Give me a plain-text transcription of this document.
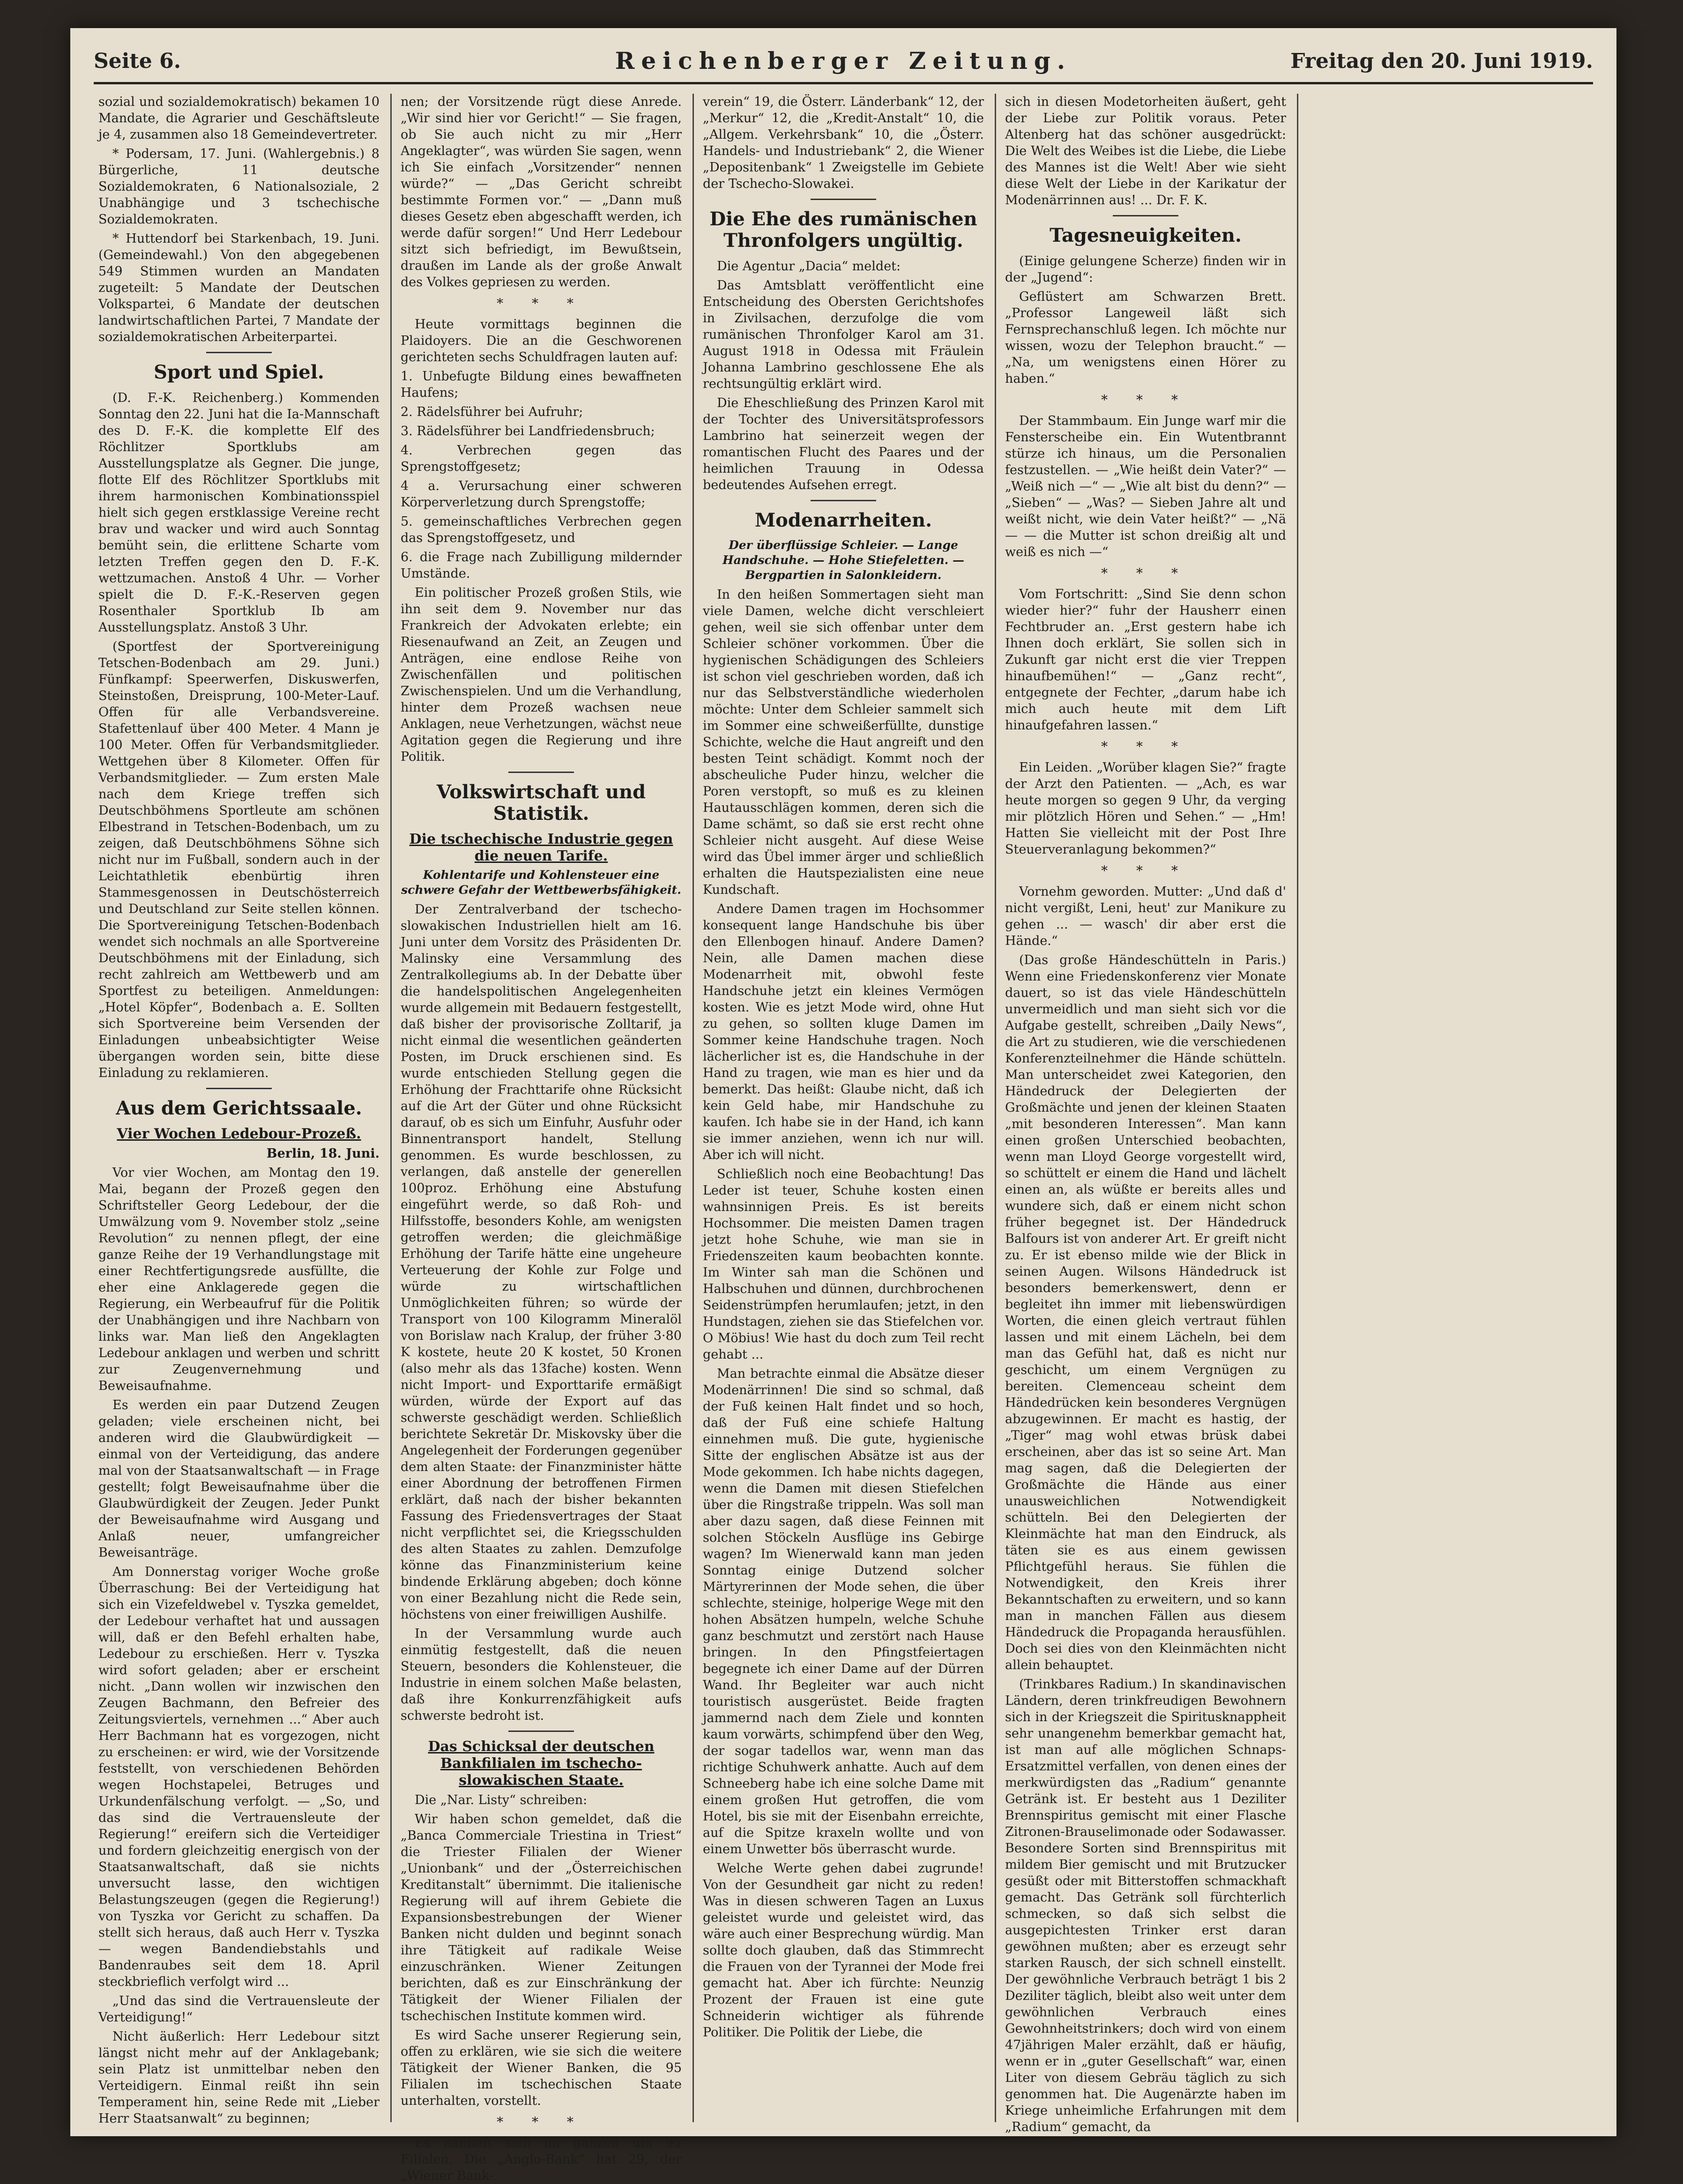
Seite 6.	Reichenberger Zeitung.	Freitag den 20. Juni 1919.

sozial und sozialdemokratisch) bekamen 10 Mandate, die Agrarier und Geschäftsleute je 4, zusammen also 18 Gemeindevertreter.

* Podersam, 17. Juni. (Wahlergebnis.) 8 Bürgerliche, 11 deutsche Sozialdemokraten, 6 Nationalsoziale, 2 Unabhängige und 3 tschechische Sozialdemokraten.

* Huttendorf bei Starkenbach, 19. Juni. (Gemeindewahl.) Von den abgegebenen 549 Stimmen wurden an Mandaten zugeteilt: 5 Mandate der Deutschen Volkspartei, 6 Mandate der deutschen landwirtschaftlichen Partei, 7 Mandate der sozialdemokratischen Arbeiterpartei.

Sport und Spiel.

(D. F.-K. Reichenberg.) Kommenden Sonntag den 22. Juni hat die Ia-Mannschaft des D. F.-K. die komplette Elf des Röchlitzer Sportklubs am Ausstellungsplatze als Gegner. Die junge, flotte Elf des Röchlitzer Sportklubs mit ihrem harmonischen Kombinationsspiel hielt sich gegen erstklassige Vereine recht brav und wacker und wird auch Sonntag bemüht sein, die erlittene Scharte vom letzten Treffen gegen den D. F.-K. wettzumachen. Anstoß 4 Uhr. — Vorher spielt die D. F.-K.-Reserven gegen Rosenthaler Sportklub Ib am Ausstellungsplatz. Anstoß 3 Uhr.

(Sportfest der Sportvereinigung Tetschen-Bodenbach am 29. Juni.) Fünfkampf: Speerwerfen, Diskuswerfen, Steinstoßen, Dreisprung, 100-Meter-Lauf. Offen für alle Verbandsvereine. Stafettenlauf über 400 Meter. 4 Mann je 100 Meter. Offen für Verbandsmitglieder. Wettgehen über 8 Kilometer. Offen für Verbandsmitglieder. — Zum ersten Male nach dem Kriege treffen sich Deutschböhmens Sportleute am schönen Elbestrand in Tetschen-Bodenbach, um zu zeigen, daß Deutschböhmens Söhne sich nicht nur im Fußball, sondern auch in der Leichtathletik ebenbürtig ihren Stammesgenossen in Deutschösterreich und Deutschland zur Seite stellen können. Die Sportvereinigung Tetschen-Bodenbach wendet sich nochmals an alle Sportvereine Deutschböhmens mit der Einladung, sich recht zahlreich am Wettbewerb und am Sportfest zu beteiligen. Anmeldungen: „Hotel Köpfer“, Bodenbach a. E. Sollten sich Sportvereine beim Versenden der Einladungen unbeabsichtigter Weise übergangen worden sein, bitte diese Einladung zu reklamieren.

Aus dem Gerichtssaale.
Vier Wochen Ledebour-Prozeß.

Berlin, 18. Juni.

Vor vier Wochen, am Montag den 19. Mai, begann der Prozeß gegen den Schriftsteller Georg Ledebour, der die Umwälzung vom 9. November stolz „seine Revolution“ zu nennen pflegt, der eine ganze Reihe der 19 Verhandlungstage mit einer Rechtfertigungsrede ausfüllte, die eher eine Anklagerede gegen die Regierung, ein Werbeaufruf für die Politik der Unabhängigen und ihre Nachbarn von links war. Man ließ den Angeklagten Ledebour anklagen und werben und schritt zur Zeugenvernehmung und Beweisaufnahme.

Es werden ein paar Dutzend Zeugen geladen; viele erscheinen nicht, bei anderen wird die Glaubwürdigkeit — einmal von der Verteidigung, das andere mal von der Staatsanwaltschaft — in Frage gestellt; folgt Beweisaufnahme über die Glaubwürdigkeit der Zeugen. Jeder Punkt der Beweisaufnahme wird Ausgang und Anlaß neuer, umfangreicher Beweisanträge.

Am Donnerstag voriger Woche große Überraschung: Bei der Verteidigung hat sich ein Vizefeldwebel v. Tyszka gemeldet, der Ledebour verhaftet hat und aussagen will, daß er den Befehl erhalten habe, Ledebour zu erschießen. Herr v. Tyszka wird sofort geladen; aber er erscheint nicht. „Dann wollen wir inzwischen den Zeugen Bachmann, den Befreier des Zeitungsviertels, vernehmen ...“ Aber auch Herr Bachmann hat es vorgezogen, nicht zu erscheinen: er wird, wie der Vorsitzende feststellt, von verschiedenen Behörden wegen Hochstapelei, Betruges und Urkundenfälschung verfolgt. — „So, und das sind die Vertrauensleute der Regierung!“ ereifern sich die Verteidiger und fordern gleichzeitig energisch von der Staatsanwaltschaft, daß sie nichts unversucht lasse, den wichtigen Belastungszeugen (gegen die Regierung!) von Tyszka vor Gericht zu schaffen. Da stellt sich heraus, daß auch Herr v. Tyszka — wegen Bandendiebstahls und Bandenraubes seit dem 18. April steckbrieflich verfolgt wird ...

„Und das sind die Vertrauensleute der Verteidigung!“

Nicht äußerlich: Herr Ledebour sitzt längst nicht mehr auf der Anklagebank; sein Platz ist unmittelbar neben den Verteidigern. Einmal reißt ihn sein Temperament hin, seine Rede mit „Lieber Herr Staatsanwalt“ zu beginnen;

nen; der Vorsitzende rügt diese Anrede. „Wir sind hier vor Gericht!“ — Sie fragen, ob Sie auch nicht zu mir „Herr Angeklagter“, was würden Sie sagen, wenn ich Sie einfach „Vorsitzender“ nennen würde?“ — „Das Gericht schreibt bestimmte Formen vor.“ — „Dann muß dieses Gesetz eben abgeschafft werden, ich werde dafür sorgen!“ Und Herr Ledebour sitzt sich befriedigt, im Bewußtsein, draußen im Lande als der große Anwalt des Volkes gepriesen zu werden.

* * *

Heute vormittags beginnen die Plaidoyers. Die an die Geschworenen gerichteten sechs Schuldfragen lauten auf:

1. Unbefugte Bildung eines bewaffneten Haufens;

2. Rädelsführer bei Aufruhr;

3. Rädelsführer bei Landfriedensbruch;

4. Verbrechen gegen das Sprengstoffgesetz;

4 a. Verursachung einer schweren Körperverletzung durch Sprengstoffe;

5. gemeinschaftliches Verbrechen gegen das Sprengstoffgesetz, und

6. die Frage nach Zubilligung mildernder Umstände.

Ein politischer Prozeß großen Stils, wie ihn seit dem 9. November nur das Frankreich der Advokaten erlebte; ein Riesenaufwand an Zeit, an Zeugen und Anträgen, eine endlose Reihe von Zwischenfällen und politischen Zwischenspielen. Und um die Verhandlung, hinter dem Prozeß wachsen neue Anklagen, neue Verhetzungen, wächst neue Agitation gegen die Regierung und ihre Politik.

Volkswirtschaft und Statistik.
Die tschechische Industrie gegen die neuen Tarife.
Kohlentarife und Kohlensteuer eine schwere Gefahr der Wettbewerbsfähigkeit.

Der Zentralverband der tschecho-slowakischen Industriellen hielt am 16. Juni unter dem Vorsitz des Präsidenten Dr. Malinsky eine Versammlung des Zentralkollegiums ab. In der Debatte über die handelspolitischen Angelegenheiten wurde allgemein mit Bedauern festgestellt, daß bisher der provisorische Zolltarif, ja nicht einmal die wesentlichen geänderten Posten, im Druck erschienen sind. Es wurde entschieden Stellung gegen die Erhöhung der Frachttarife ohne Rücksicht auf die Art der Güter und ohne Rücksicht darauf, ob es sich um Einfuhr, Ausfuhr oder Binnentransport handelt, Stellung genommen. Es wurde beschlossen, zu verlangen, daß anstelle der generellen 100proz. Erhöhung eine Abstufung eingeführt werde, so daß Roh- und Hilfsstoffe, besonders Kohle, am wenigsten getroffen werden; die gleichmäßige Erhöhung der Tarife hätte eine ungeheure Verteuerung der Kohle zur Folge und würde zu wirtschaftlichen Unmöglichkeiten führen; so würde der Transport von 100 Kilogramm Mineralöl von Borislaw nach Kralup, der früher 3·80 K kostete, heute 20 K kostet, 50 Kronen (also mehr als das 13fache) kosten. Wenn nicht Import- und Exporttarife ermäßigt würden, würde der Export auf das schwerste geschädigt werden. Schließlich berichtete Sekretär Dr. Miskovsky über die Angelegenheit der Forderungen gegenüber dem alten Staate: der Finanzminister hätte einer Abordnung der betroffenen Firmen erklärt, daß nach der bisher bekannten Fassung des Friedensvertrages der Staat nicht verpflichtet sei, die Kriegsschulden des alten Staates zu zahlen. Demzufolge könne das Finanzministerium keine bindende Erklärung abgeben; doch könne von einer Bezahlung nicht die Rede sein, höchstens von einer freiwilligen Aushilfe.

In der Versammlung wurde auch einmütig festgestellt, daß die neuen Steuern, besonders die Kohlensteuer, die Industrie in einem solchen Maße belasten, daß ihre Konkurrenzfähigkeit aufs schwerste bedroht ist.

Das Schicksal der deutschen Bankfilialen im tschecho-slowakischen Staate.

Die „Nar. Listy“ schreiben:

Wir haben schon gemeldet, daß die „Banca Commerciale Triestina in Triest“ die Triester Filialen der Wiener „Unionbank“ und der „Österreichischen Kreditanstalt“ übernimmt. Die italienische Regierung will auf ihrem Gebiete die Expansionsbestrebungen der Wiener Banken nicht dulden und beginnt sonach ihre Tätigkeit auf radikale Weise einzuschränken. Wiener Zeitungen berichten, daß es zur Einschränkung der Tätigkeit der Wiener Filialen der tschechischen Institute kommen wird.

Es wird Sache unserer Regierung sein, offen zu erklären, wie sie sich die weitere Tätigkeit der Wiener Banken, die 95 Filialen im tschechischen Staate unterhalten, vorstellt.

* * *

Es handelt sich im ganzen um 95 Filialen. Die „Anglo-Bank“ hat 29, der „Wiener Bank-

verein“ 19, die Österr. Länderbank“ 12, der „Merkur“ 12, die „Kredit-Anstalt“ 10, die „Allgem. Verkehrsbank“ 10, die „Österr. Handels- und Industriebank“ 2, die Wiener „Depositenbank“ 1 Zweigstelle im Gebiete der Tschecho-Slowakei.

Die Ehe des rumänischen Thronfolgers ungültig.

Die Agentur „Dacia“ meldet:

Das Amtsblatt veröffentlicht eine Entscheidung des Obersten Gerichtshofes in Zivilsachen, derzufolge die vom rumänischen Thronfolger Karol am 31. August 1918 in Odessa mit Fräulein Johanna Lambrino geschlossene Ehe als rechtsungültig erklärt wird.

Die Eheschließung des Prinzen Karol mit der Tochter des Universitätsprofessors Lambrino hat seinerzeit wegen der romantischen Flucht des Paares und der heimlichen Trauung in Odessa bedeutendes Aufsehen erregt.

Modenarrheiten.
Der überflüssige Schleier. — Lange Handschuhe. — Hohe Stiefeletten. — Bergpartien in Salonkleidern.

In den heißen Sommertagen sieht man viele Damen, welche dicht verschleiert gehen, weil sie sich offenbar unter dem Schleier schöner vorkommen. Über die hygienischen Schädigungen des Schleiers ist schon viel geschrieben worden, daß ich nur das Selbstverständliche wiederholen möchte: Unter dem Schleier sammelt sich im Sommer eine schweißerfüllte, dunstige Schichte, welche die Haut angreift und den besten Teint schädigt. Kommt noch der abscheuliche Puder hinzu, welcher die Poren verstopft, so muß es zu kleinen Hautausschlägen kommen, deren sich die Dame schämt, so daß sie erst recht ohne Schleier nicht ausgeht. Auf diese Weise wird das Übel immer ärger und schließlich erhalten die Hautspezialisten eine neue Kundschaft.

Andere Damen tragen im Hochsommer konsequent lange Handschuhe bis über den Ellenbogen hinauf. Andere Damen? Nein, alle Damen machen diese Modenarrheit mit, obwohl feste Handschuhe jetzt ein kleines Vermögen kosten. Wie es jetzt Mode wird, ohne Hut zu gehen, so sollten kluge Damen im Sommer keine Handschuhe tragen. Noch lächerlicher ist es, die Handschuhe in der Hand zu tragen, wie man es hier und da bemerkt. Das heißt: Glaube nicht, daß ich kein Geld habe, mir Handschuhe zu kaufen. Ich habe sie in der Hand, ich kann sie immer anziehen, wenn ich nur will. Aber ich will nicht.

Schließlich noch eine Beobachtung! Das Leder ist teuer, Schuhe kosten einen wahnsinnigen Preis. Es ist bereits Hochsommer. Die meisten Damen tragen jetzt hohe Schuhe, wie man sie in Friedenszeiten kaum beobachten konnte. Im Winter sah man die Schönen und Halbschuhen und dünnen, durchbrochenen Seidenstrümpfen herumlaufen; jetzt, in den Hundstagen, ziehen sie das Stiefelchen vor. O Möbius! Wie hast du doch zum Teil recht gehabt ...

Man betrachte einmal die Absätze dieser Modenärrinnen! Die sind so schmal, daß der Fuß keinen Halt findet und so hoch, daß der Fuß eine schiefe Haltung einnehmen muß. Die gute, hygienische Sitte der englischen Absätze ist aus der Mode gekommen. Ich habe nichts dagegen, wenn die Damen mit diesen Stiefelchen über die Ringstraße trippeln. Was soll man aber dazu sagen, daß diese Feinnen mit solchen Stöckeln Ausflüge ins Gebirge wagen? Im Wienerwald kann man jeden Sonntag einige Dutzend solcher Märtyrerinnen der Mode sehen, die über schlechte, steinige, holperige Wege mit den hohen Absätzen humpeln, welche Schuhe ganz beschmutzt und zerstört nach Hause bringen. In den Pfingstfeiertagen begegnete ich einer Dame auf der Dürren Wand. Ihr Begleiter war auch nicht touristisch ausgerüstet. Beide fragten jammernd nach dem Ziele und konnten kaum vorwärts, schimpfend über den Weg, der sogar tadellos war, wenn man das richtige Schuhwerk anhatte. Auch auf dem Schneeberg habe ich eine solche Dame mit einem großen Hut getroffen, die vom Hotel, bis sie mit der Eisenbahn erreichte, auf die Spitze kraxeln wollte und von einem Unwetter bös überrascht wurde.

Welche Werte gehen dabei zugrunde! Von der Gesundheit gar nicht zu reden! Was in diesen schweren Tagen an Luxus geleistet wurde und geleistet wird, das wäre auch einer Besprechung würdig. Man sollte doch glauben, daß das Stimmrecht die Frauen von der Tyrannei der Mode frei gemacht hat. Aber ich fürchte: Neunzig Prozent der Frauen ist eine gute Schneiderin wichtiger als führende Politiker. Die Politik der Liebe, die

sich in diesen Modetorheiten äußert, geht der Liebe zur Politik voraus. Peter Altenberg hat das schöner ausgedrückt: Die Welt des Weibes ist die Liebe, die Liebe des Mannes ist die Welt! Aber wie sieht diese Welt der Liebe in der Karikatur der Modenärrinnen aus! ... Dr. F. K.

Tagesneuigkeiten.

(Einige gelungene Scherze) finden wir in der „Jugend“:

Geflüstert am Schwarzen Brett. „Professor Langeweil läßt sich Fernsprechanschluß legen. Ich möchte nur wissen, wozu der Telephon braucht.“ — „Na, um wenigstens einen Hörer zu haben.“

* * *

Der Stammbaum. Ein Junge warf mir die Fensterscheibe ein. Ein Wutentbrannt stürze ich hinaus, um die Personalien festzustellen. — „Wie heißt dein Vater?“ — „Weiß nich —“ — „Wie alt bist du denn?“ — „Sieben“ — „Was? — Sieben Jahre alt und weißt nicht, wie dein Vater heißt?“ — „Nä — — die Mutter ist schon dreißig alt und weiß es nich —“

* * *

Vom Fortschritt: „Sind Sie denn schon wieder hier?“ fuhr der Hausherr einen Fechtbruder an. „Erst gestern habe ich Ihnen doch erklärt, Sie sollen sich in Zukunft gar nicht erst die vier Treppen hinaufbemühen!“ — „Ganz recht“, entgegnete der Fechter, „darum habe ich mich auch heute mit dem Lift hinaufgefahren lassen.“

* * *

Ein Leiden. „Worüber klagen Sie?“ fragte der Arzt den Patienten. — „Ach, es war heute morgen so gegen 9 Uhr, da verging mir plötzlich Hören und Sehen.“ — „Hm! Hatten Sie vielleicht mit der Post Ihre Steuerveranlagung bekommen?“

* * *

Vornehm geworden. Mutter: „Und daß d' nicht vergißt, Leni, heut' zur Manikure zu gehen ... — wasch' dir aber erst die Hände.“

(Das große Händeschütteln in Paris.) Wenn eine Friedenskonferenz vier Monate dauert, so ist das viele Händeschütteln unvermeidlich und man sieht sich vor die Aufgabe gestellt, schreiben „Daily News“, die Art zu studieren, wie die verschiedenen Konferenzteilnehmer die Hände schütteln. Man unterscheidet zwei Kategorien, den Händedruck der Delegierten der Großmächte und jenen der kleinen Staaten „mit besonderen Interessen“. Man kann einen großen Unterschied beobachten, wenn man Lloyd George vorgestellt wird, so schüttelt er einem die Hand und lächelt einen an, als wüßte er bereits alles und wundere sich, daß er einem nicht schon früher begegnet ist. Der Händedruck Balfours ist von anderer Art. Er greift nicht zu. Er ist ebenso milde wie der Blick in seinen Augen. Wilsons Händedruck ist besonders bemerkenswert, denn er begleitet ihn immer mit liebenswürdigen Worten, die einen gleich vertraut fühlen lassen und mit einem Lächeln, bei dem man das Gefühl hat, daß es nicht nur geschicht, um einem Vergnügen zu bereiten. Clemenceau scheint dem Händedrücken kein besonderes Vergnügen abzugewinnen. Er macht es hastig, der „Tiger“ mag wohl etwas brüsk dabei erscheinen, aber das ist so seine Art. Man mag sagen, daß die Delegierten der Großmächte die Hände aus einer unausweichlichen Notwendigkeit schütteln. Bei den Delegierten der Kleinmächte hat man den Eindruck, als täten sie es aus einem gewissen Pflichtgefühl heraus. Sie fühlen die Notwendigkeit, den Kreis ihrer Bekanntschaften zu erweitern, und so kann man in manchen Fällen aus diesem Händedruck die Propaganda herausfühlen. Doch sei dies von den Kleinmächten nicht allein behauptet.

(Trinkbares Radium.) In skandinavischen Ländern, deren trinkfreudigen Bewohnern sich in der Kriegszeit die Spiritusknappheit sehr unangenehm bemerkbar gemacht hat, ist man auf alle möglichen Schnaps-Ersatzmittel verfallen, von denen eines der merkwürdigsten das „Radium“ genannte Getränk ist. Er besteht aus 1 Deziliter Brennspiritus gemischt mit einer Flasche Zitronen-Brauselimonade oder Sodawasser. Besondere Sorten sind Brennspiritus mit mildem Bier gemischt und mit Brutzucker gesüßt oder mit Bitterstoffen schmackhaft gemacht. Das Getränk soll fürchterlich schmecken, so daß sich selbst die ausgepichtesten Trinker erst daran gewöhnen mußten; aber es erzeugt sehr starken Rausch, der sich schnell einstellt. Der gewöhnliche Verbrauch beträgt 1 bis 2 Deziliter täglich, bleibt also weit unter dem gewöhnlichen Verbrauch eines Gewohnheitstrinkers; doch wird von einem 47jährigen Maler erzählt, daß er häufig, wenn er in „guter Gesellschaft“ war, einen Liter von diesem Gebräu täglich zu sich genommen hat. Die Augenärzte haben im Kriege unheimliche Erfahrungen mit dem „Radium“ gemacht, da
